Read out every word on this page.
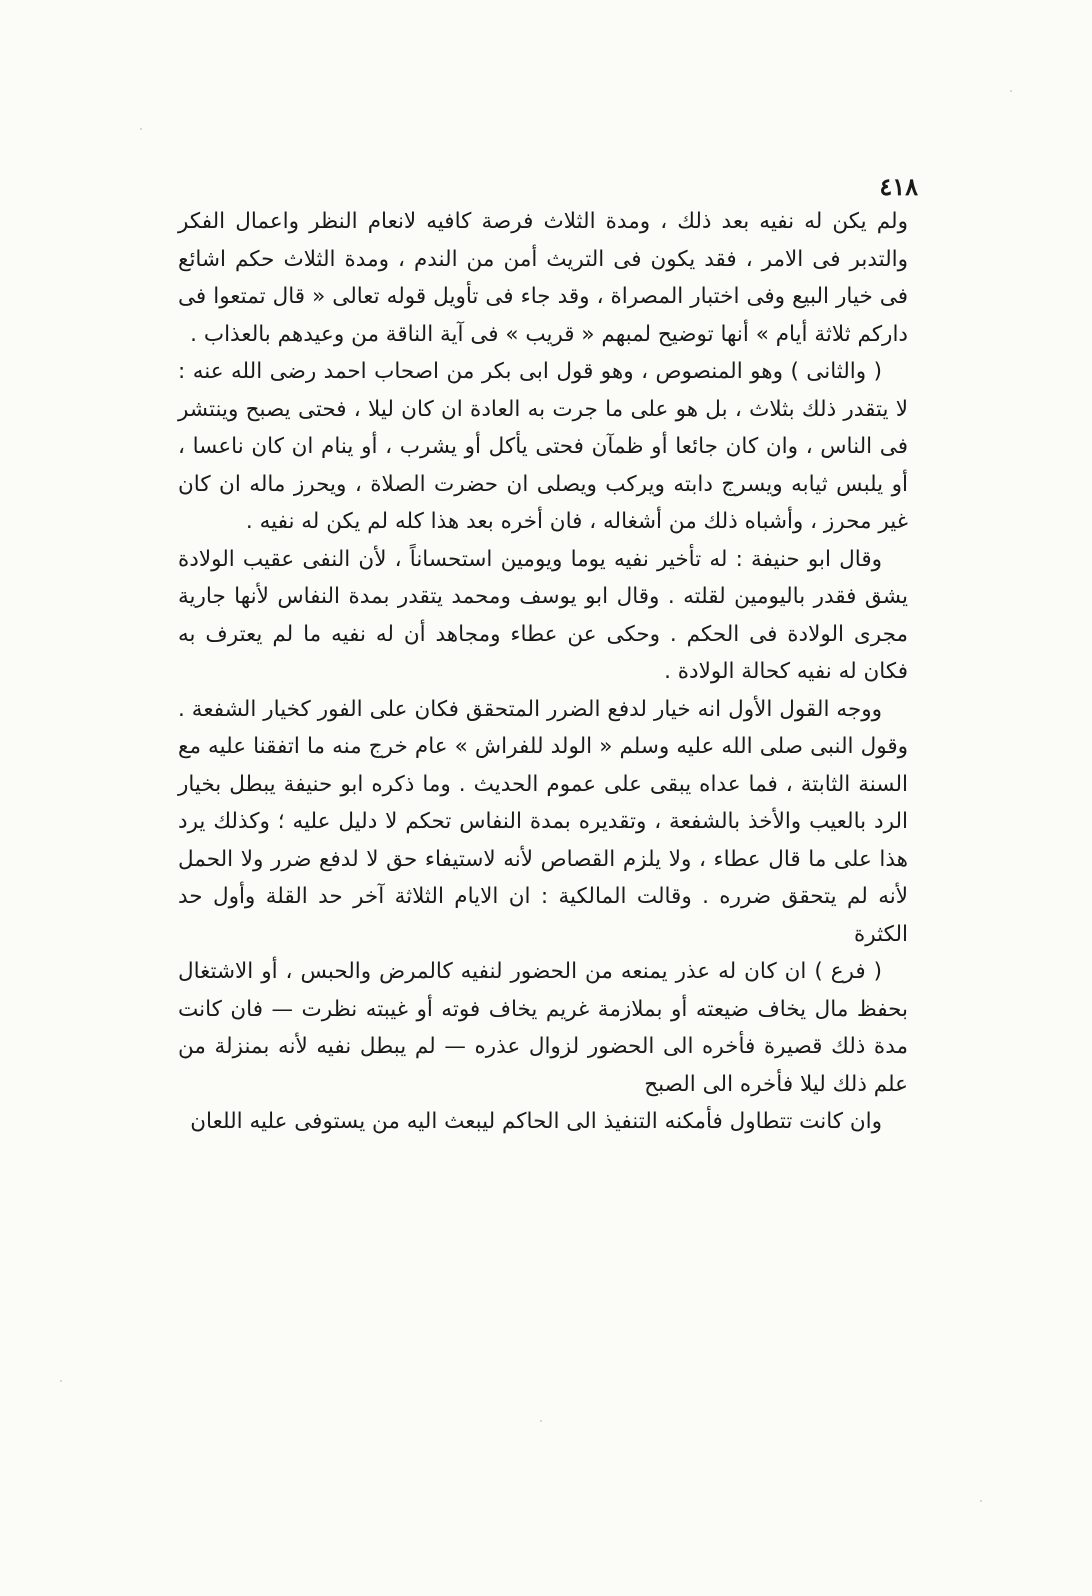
٤١٨

ولم يكن له نفيه بعد ذلك ، ومدة الثلاث فرصة كافيه لانعام النظر واعمال الفكر والتدبر فى الامر ، فقد يكون فى التريث أمن من الندم ، ومدة الثلاث حكم اشائع فى خيار البيع وفى اختبار المصراة ، وقد جاء فى تأويل قوله تعالى « قال تمتعوا فى داركم ثلاثة أيام » أنها توضيح لمبهم « قريب » فى آية الناقة من وعيدهم بالعذاب .

( والثانى ) وهو المنصوص ، وهو قول ابى بكر من اصحاب احمد رضى الله عنه : لا يتقدر ذلك بثلاث ، بل هو على ما جرت به العادة ان كان ليلا ، فحتى يصبح وينتشر فى الناس ، وان كان جائعا أو ظمآن فحتى يأكل أو يشرب ، أو ينام ان كان ناعسا ، أو يلبس ثيابه ويسرج دابته ويركب ويصلى ان حضرت الصلاة ، ويحرز ماله ان كان غير محرز ، وأشباه ذلك من أشغاله ، فان أخره بعد هذا كله لم يكن له نفيه .

وقال ابو حنيفة : له تأخير نفيه يوما ويومين استحساناً ، لأن النفى عقيب الولادة يشق فقدر باليومين لقلته . وقال ابو يوسف ومحمد يتقدر بمدة النفاس لأنها جارية مجرى الولادة فى الحكم . وحكى عن عطاء ومجاهد أن له نفيه ما لم يعترف به فكان له نفيه كحالة الولادة .

ووجه القول الأول انه خيار لدفع الضرر المتحقق فكان على الفور كخيار الشفعة . وقول النبى صلى الله عليه وسلم « الولد للفراش » عام خرج منه ما اتفقنا عليه مع السنة الثابتة ، فما عداه يبقى على عموم الحديث . وما ذكره ابو حنيفة يبطل بخيار الرد بالعيب والأخذ بالشفعة ، وتقديره بمدة النفاس تحكم لا دليل عليه ؛ وكذلك يرد هذا على ما قال عطاء ، ولا يلزم القصاص لأنه لاستيفاء حق لا لدفع ضرر ولا الحمل لأنه لم يتحقق ضرره . وقالت المالكية : ان الايام الثلاثة آخر حد القلة وأول حد الكثرة

( فرع ) ان كان له عذر يمنعه من الحضور لنفيه كالمرض والحبس ، أو الاشتغال بحفظ مال يخاف ضيعته أو بملازمة غريم يخاف فوته أو غيبته نظرت — فان كانت مدة ذلك قصيرة فأخره الى الحضور لزوال عذره — لم يبطل نفيه لأنه بمنزلة من علم ذلك ليلا فأخره الى الصبح

وان كانت تتطاول فأمكنه التنفيذ الى الحاكم ليبعث اليه من يستوفى عليه اللعان
